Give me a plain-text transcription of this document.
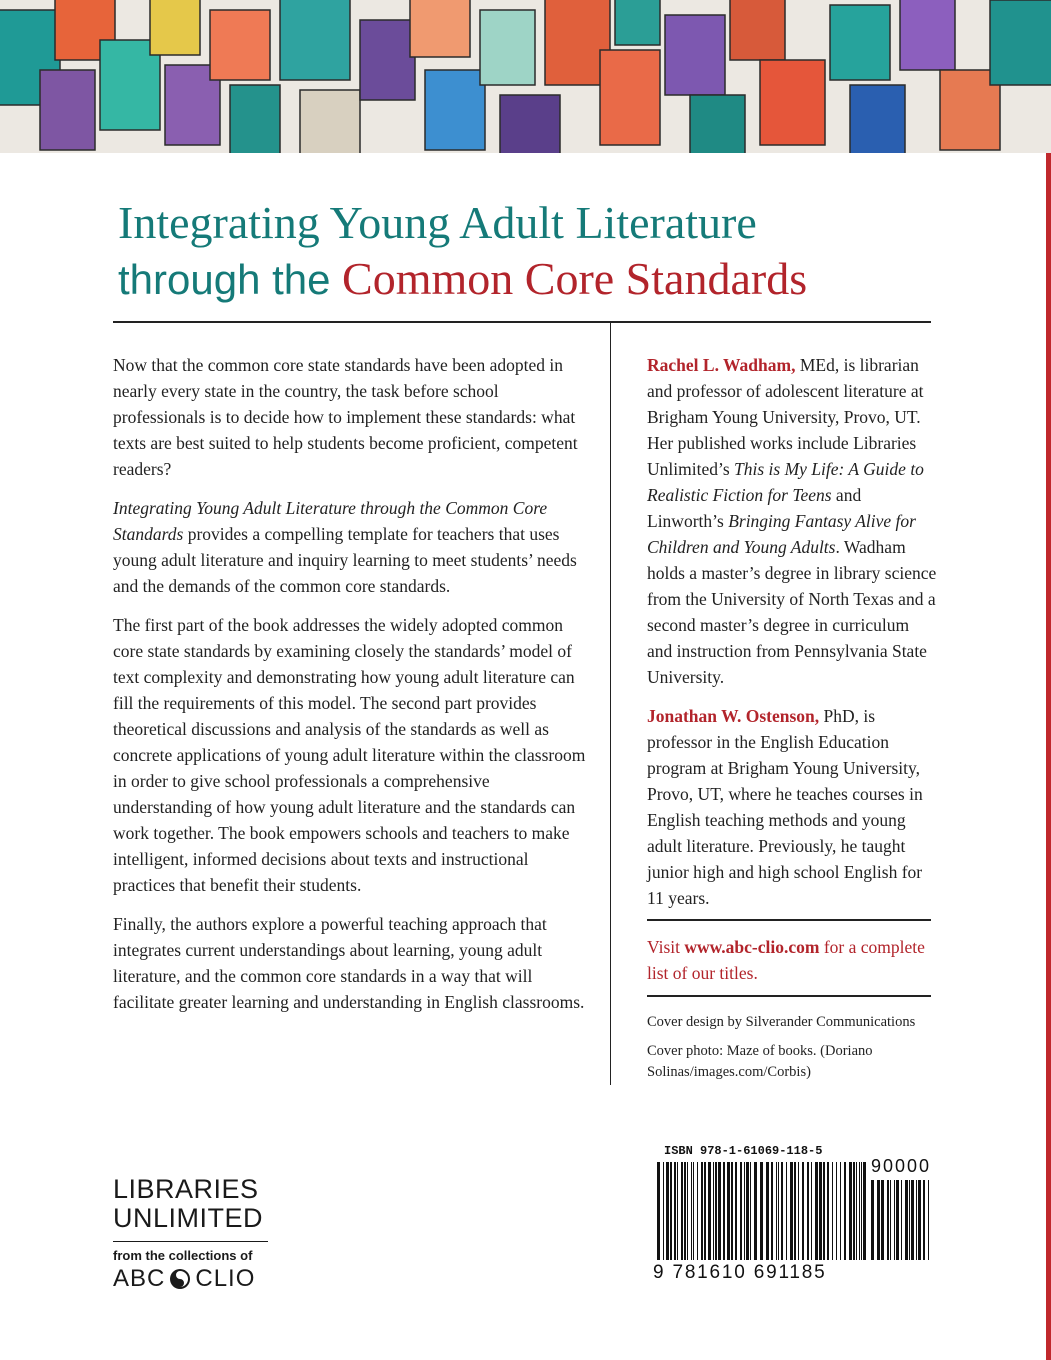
Integrating Young Adult Literature
through the Common Core Standards

Now that the common core state standards have been adopted in nearly every state in the country, the task before school professionals is to decide how to implement these standards: what texts are best suited to help students become proficient, competent readers?

Integrating Young Adult Literature through the Common Core Standards provides a compelling template for teachers that uses young adult literature and inquiry learning to meet students’ needs and the demands of the common core standards.

The first part of the book addresses the widely adopted common core state standards by examining closely the standards’ model of text complexity and demonstrating how young adult literature can fill the requirements of this model. The second part provides theoretical discussions and analysis of the standards as well as concrete applications of young adult literature within the classroom in order to give school professionals a comprehensive understanding of how young adult literature and the standards can work together. The book empowers schools and teachers to make intelligent, informed decisions about texts and instructional practices that benefit their students.

Finally, the authors explore a powerful teaching approach that integrates current understandings about learning, young adult literature, and the common core standards in a way that will facilitate greater learning and understanding in English classrooms.

Rachel L. Wadham, MEd, is librarian and professor of adolescent literature at Brigham Young University, Provo, UT. Her published works include Libraries Unlimited’s This is My Life: A Guide to Realistic Fiction for Teens and Linworth’s Bringing Fantasy Alive for Children and Young Adults. Wadham holds a master’s degree in library science from the University of North Texas and a second master’s degree in curriculum and instruction from Pennsylvania State University.

Jonathan W. Ostenson, PhD, is professor in the English Education program at Brigham Young University, Provo, UT, where he teaches courses in English teaching methods and young adult literature. Previously, he taught junior high and high school English for 11 years.

Visit www.abc-clio.com for a complete list of our titles.

Cover design by Silverander Communications

Cover photo: Maze of books. (Doriano Solinas/images.com/Corbis)

LIBRARIES
UNLIMITED
from the collections of
ABC CLIO
ISBN 978-1-61069-118-5
90000
9 781610 691185
